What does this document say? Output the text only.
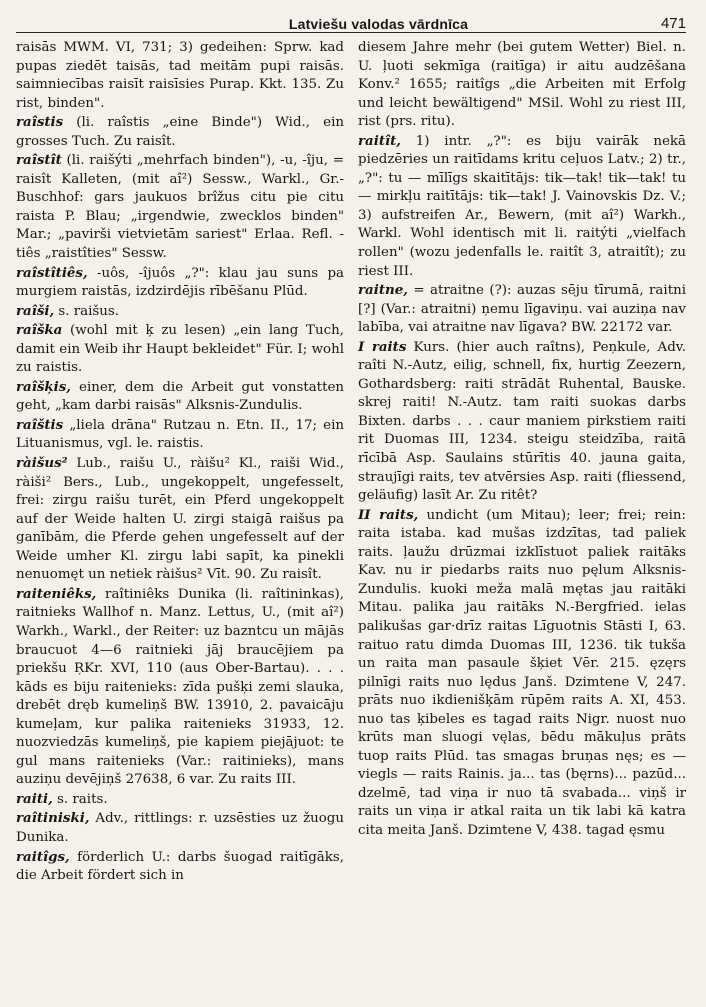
Latviešu valodas vārdnīca	471

raisās MWM. VI, 731; 3) gedeihen: Sprw. kad pupas ziedēt taisās, tad meitām pupi raisās. saimniecības raisīt raisīsies Purap. Kkt. 135. Zu rist, binden".

raîstis (li. raîstis „eine Binde") Wid., ein grosses Tuch. Zu raisît.

raîstît (li. raišýti „mehrfach binden"), -u, -îju, = raisît Kalleten, (mit aî²) Sessw., Warkl., Gr.-Buschhof: gars jaukuos brîžus citu pie citu raista P. Blau; „irgendwie, zwecklos binden" Mar.; „pavirši vietvietām sariest" Erlaa. Refl. -tiês „raistîties" Sessw.

raîstîtiês, -uôs, -îjuôs „?": klau jau suns pa murgiem raistās, izdzirdējis rībēšanu Plūd.

raîši, s. raišus.

raîška (wohl mit ķ zu lesen) „ein lang Tuch, damit ein Weib ihr Haupt bekleidet" Für. I; wohl zu raistis.

raîšķis, einer, dem die Arbeit gut vonstatten geht, „kam darbi raisās" Alksnis-Zundulis.

raîštis „liela drāna" Rutzau n. Etn. II., 17; ein Lituanismus, vgl. le. raistis.

ràišus² Lub., raišu U., ràišu² Kl., raiši Wid., ràiši² Bers., Lub., ungekoppelt, ungefesselt, frei: zirgu raišu turēt, ein Pferd ungekoppelt auf der Weide halten U. zirgi staigā raišus pa ganībām, die Pferde gehen ungefesselt auf der Weide umher Kl. zirgu labi sapīt, ka pinekli nenuomęt un netiek ràišus² Vīt. 90. Zu raisît.

raiteniêks, raîtiniêks Dunika (li. raîtininkas), raitnieks Wallhof n. Manz. Lettus, U., (mit aî²) Warkh., Warkl., der Reiter: uz bazntcu un mājās braucuot 4—6 raitnieki jāj braucējiem pa priekšu ŖKr. XVI, 110 (aus Ober-Bartau). . . . kāds es biju raitenieks: zīda pušķi zemi slauka, drebēt dręb kumeliņš BW. 13910, 2. pavaicāju kumeļam, kur palika raitenieks 31933, 12. nuozviedzās kumeliņš, pie kapiem piejājuot: te gul mans raitenieks (Var.: raitinieks), mans auziņu devējiņš 27638, 6 var. Zu raits III.

raiti, s. raits.

raîtiniski, Adv., rittlings: r. uzsēsties uz žuogu Dunika.

raitîgs, förderlich U.: darbs šuogad raitīgāks, die Arbeit fördert sich in

diesem Jahre mehr (bei gutem Wetter) Biel. n. U. ļuoti sekmīga (raitīga) ir aitu audzēšana Konv.² 1655; raitîgs „die Arbeiten mit Erfolg und leicht bewältigend" MSil. Wohl zu riest III, rist (prs. ritu).

raitît, 1) intr. „?": es biju vairāk nekā piedzēries un raitīdams kritu ceļuos Latv.; 2) tr., „?": tu — mīlīgs skaitītājs: tik—tak! tik—tak! tu — mirkļu raitītājs: tik—tak! J. Vainovskis Dz. V.; 3) aufstreifen Ar., Bewern, (mit aî²) Warkh., Warkl. Wohl identisch mit li. raitýti „vielfach rollen" (wozu jedenfalls le. raitît 3, atraitît); zu riest III.

raitne, = atraitne (?): auzas sēju tīrumā, raitni [?] (Var.: atraitni) ņemu līgaviņu. vai auziņa nav labība, vai atraitne nav līgava? BW. 22172 var.

I raits Kurs. (hier auch raîtns), Peņkule, Adv. raîti N.-Autz, eilig, schnell, fix, hurtig Zeezern, Gothardsberg: raiti strādāt Ruhental, Bauske. skrej raiti! N.-Autz. tam raiti suokas darbs Bixten. darbs . . . caur maniem pirkstiem raiti rit Duomas III, 1234. steigu steidzība, raitā rīcībā Asp. Saulains stūrītis 40. jauna gaita, straujīgi raits, tev atvērsies Asp. raiti (fliessend, geläufig) lasīt Ar. Zu ritêt?

II raits, undicht (um Mitau); leer; frei; rein: raita istaba. kad mušas izdzītas, tad paliek raits. ļaužu drūzmai izklīstuot paliek raitāks Kav. nu ir piedarbs raits nuo pęlum Alksnis-Zundulis. kuoki meža malā mętas jau raitāki Mitau. palika jau raitāks N.-Bergfried. ielas palikušas gar·drīz raitas Līguotnis Stāsti I, 63. raituo ratu dimda Duomas III, 1236. tik tukša un raita man pasaule šķiet Vēr. 215. ęzęrs pilnīgi raits nuo lędus Janš. Dzimtene V, 247. prāts nuo ikdienišķām rūpēm raits A. XI, 453. nuo tas ķibeles es tagad raits Nigr. nuost nuo krūts man sluogi vęlas, bēdu mākuļus prāts tuop raits Plūd. tas smagas bruņas nęs; es — viegls — raits Rainis. ja... tas (bęrns)... pazūd... dzelmē, tad viņa ir nuo tā svabada... viņš ir raits un viņa ir atkal raita un tik labi kā katra cita meita Janš. Dzimtene V, 438. tagad ęsmu
